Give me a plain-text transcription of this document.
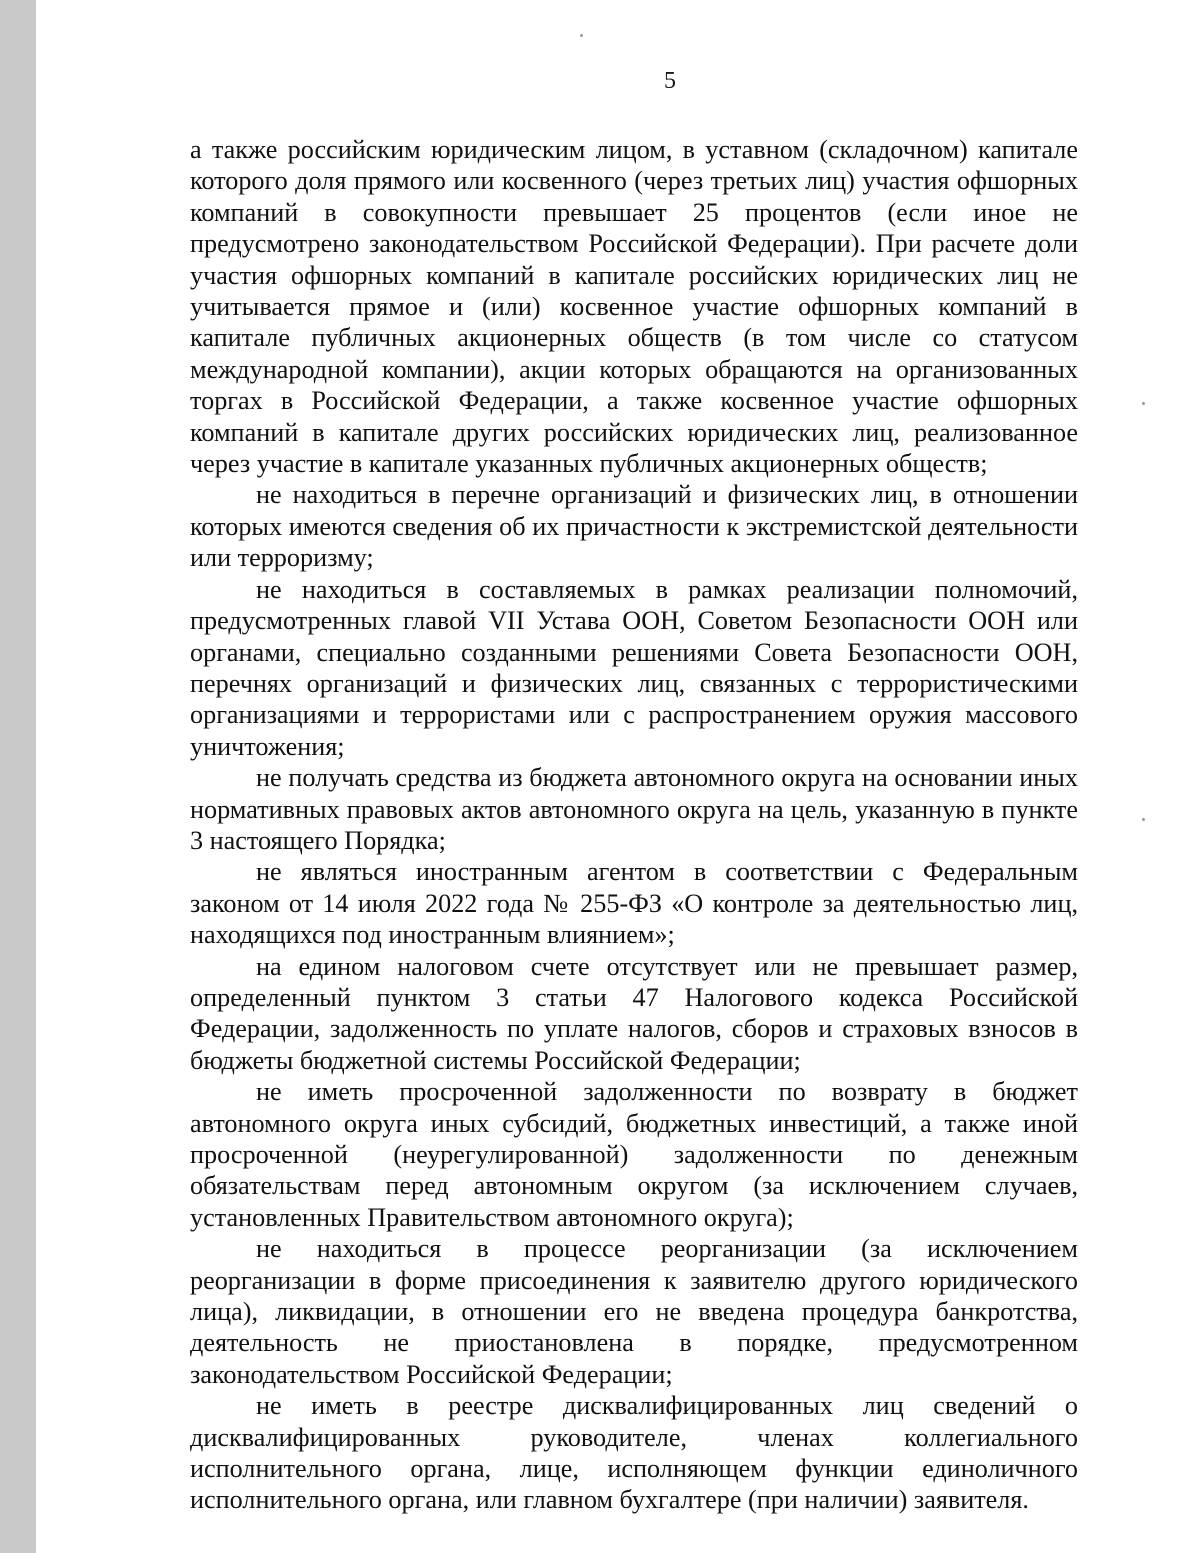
5

а также российским юридическим лицом, в уставном (складочном) капитале которого доля прямого или косвенного (через третьих лиц) участия офшорных компаний в совокупности превышает 25 процентов (если иное не предусмотрено законодательством Российской Федерации). При расчете доли участия офшорных компаний в капитале российских юридических лиц не учитывается прямое и (или) косвенное участие офшорных компаний в капитале публичных акционерных обществ (в том числе со статусом международной компании), акции которых обращаются на организованных торгах в Российской Федерации, а также косвенное участие офшорных компаний в капитале других российских юридических лиц, реализованное через участие в капитале указанных публичных акционерных обществ;

не находиться в перечне организаций и физических лиц, в отношении которых имеются сведения об их причастности к экстремистской деятельности или терроризму;

не находиться в составляемых в рамках реализации полномочий, предусмотренных главой VII Устава ООН, Советом Безопасности ООН или органами, специально созданными решениями Совета Безопасности ООН, перечнях организаций и физических лиц, связанных с террористическими организациями и террористами или с распространением оружия массового уничтожения;

не получать средства из бюджета автономного округа на основании иных нормативных правовых актов автономного округа на цель, указанную в пункте 3 настоящего Порядка;

не являться иностранным агентом в соответствии с Федеральным законом от 14 июля 2022 года № 255-ФЗ «О контроле за деятельностью лиц, находящихся под иностранным влиянием»;

на едином налоговом счете отсутствует или не превышает размер, определенный пунктом 3 статьи 47 Налогового кодекса Российской Федерации, задолженность по уплате налогов, сборов и страховых взносов в бюджеты бюджетной системы Российской Федерации;

не иметь просроченной задолженности по возврату в бюджет автономного округа иных субсидий, бюджетных инвестиций, а также иной просроченной (неурегулированной) задолженности по денежным обязательствам перед автономным округом (за исключением случаев, установленных Правительством автономного округа);

не находиться в процессе реорганизации (за исключением реорганизации в форме присоединения к заявителю другого юридического лица), ликвидации, в отношении его не введена процедура банкротства, деятельность не приостановлена в порядке, предусмотренном законодательством Российской Федерации;

не иметь в реестре дисквалифицированных лиц сведений о дисквалифицированных руководителе, членах коллегиального исполнительного органа, лице, исполняющем функции единоличного исполнительного органа, или главном бухгалтере (при наличии) заявителя.
